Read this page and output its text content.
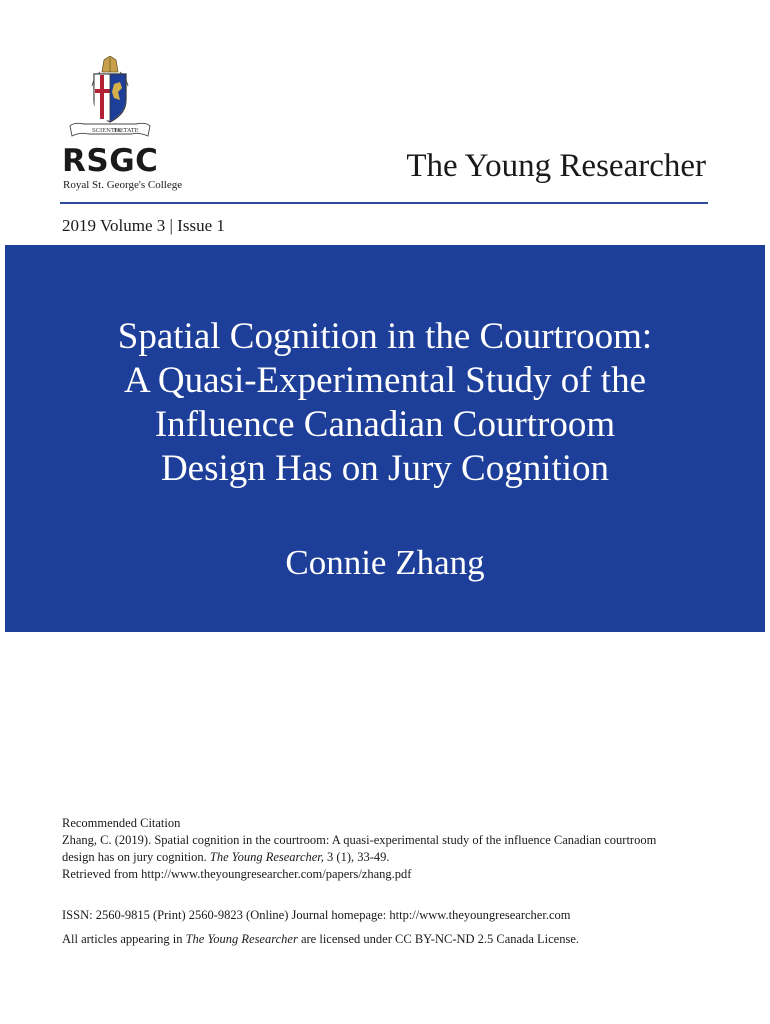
SCIENTIA
PIETATE
RSGC
Royal St. George's College
The Young Researcher
2019 Volume 3 | Issue 1
Spatial Cognition in the Courtroom:
A Quasi-Experimental Study of the
Influence Canadian Courtroom
Design Has on Jury Cognition
Connie Zhang
Recommended Citation
Zhang, C. (2019). Spatial cognition in the courtroom: A quasi-experimental study of the influence Canadian courtroom
design has on jury cognition. The Young Researcher, 3 (1), 33-49.
Retrieved from http://www.theyoungresearcher.com/papers/zhang.pdf
ISSN: 2560-9815 (Print) 2560-9823 (Online) Journal homepage: http://www.theyoungresearcher.com
All articles appearing in The Young Researcher are licensed under CC BY-NC-ND 2.5 Canada License.
